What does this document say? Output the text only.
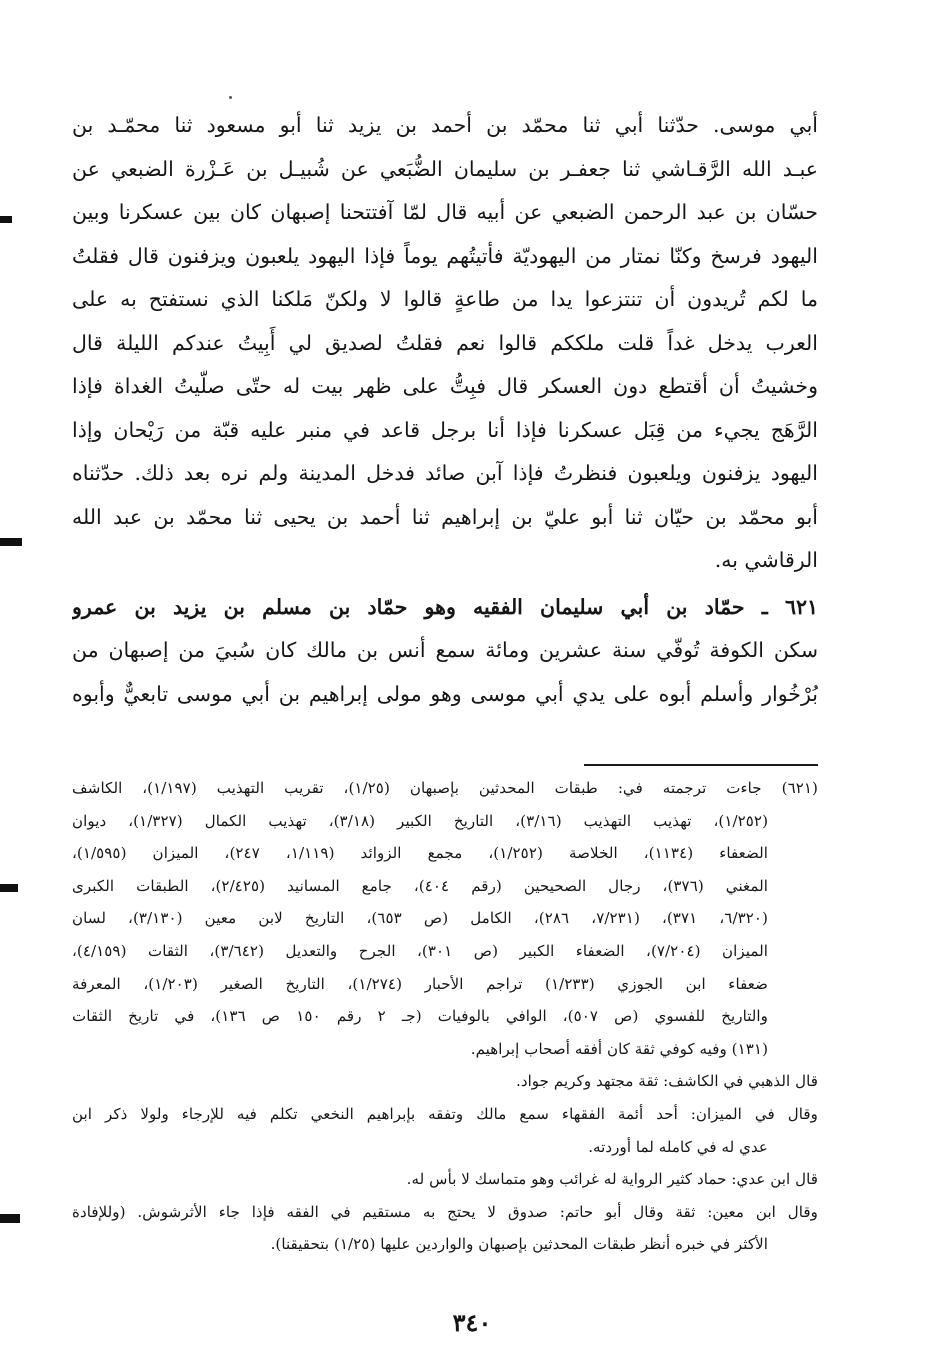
أبي موسى. حدّثنا أبي ثنا محمّد بن أحمد بن يزيد ثنا أبو مسعود ثنا محمّـد بن
عبـد الله الرَّقـاشي ثنا جعفـر بن سليمان الضُّبَعي عن شُبيـل بن عَـزْرة الضبعي عن
حسّان بن عبد الرحمن الضبعي عن أبيه قال لمّا آفتتحنا إصبهان كان بين عسكرنا وبين
اليهود فرسخ وكنّا نمتار من اليهوديّة فأتيتُهم يوماً فإذا اليهود يلعبون ويزفنون قال فقلتُ
ما لكم تُريدون أن تنتزعوا يدا من طاعةٍ قالوا لا ولكنّ مَلكنا الذي نستفتح به على
العرب يدخل غداً قلت ملككم قالوا نعم فقلتُ لصديق لي أَبِيتُ عندكم الليلة قال
وخشيتُ أن أقتطع دون العسكر قال فبِتُّ على ظهر بيت له حتّى صلّيتُ الغداة فإذا
الرَّهَج يجيء من قِبَل عسكرنا فإذا أنا برجل قاعد في منبر عليه قبّة من رَيْحان وإذا
اليهود يزفنون ويلعبون فنظرتُ فإذا آبن صائد فدخل المدينة ولم نره بعد ذلك. حدّثناه
أبو محمّد بن حيّان ثنا أبو عليّ بن إبراهيم ثنا أحمد بن يحيى ثنا محمّد بن عبد الله
الرقاشي به.
٦٢١ ـ حمّاد بن أبي سليمان الفقيه وهو حمّاد بن مسلم بن يزيد بن عمرو
سكن الكوفة تُوفّي سنة عشرين ومائة سمع أنس بن مالك كان سُبيَ من إصبهان من
بُرْخُوار وأسلم أبوه على يدي أبي موسى وهو مولى إبراهيم بن أبي موسى تابعيٌّ وأبوه
(٦٢١) جاءت ترجمته في: طبقات المحدثين بإصبهان (١/٢٥)، تقريب التهذيب (١/١٩٧)، الكاشف
(١/٢٥٢)، تهذيب التهذيب (٣/١٦)، التاريخ الكبير (٣/١٨)، تهذيب الكمال (١/٣٢٧)، ديوان
الضعفاء (١١٣٤)، الخلاصة (١/٢٥٢)، مجمع الزوائد (١/١١٩، ٢٤٧)، الميزان (١/٥٩٥)،
المغني (٣٧٦)، رجال الصحيحين (رقم ٤٠٤)، جامع المسانيد (٢/٤٢٥)، الطبقات الكبرى
(٦/٣٢٠، ٣٧١)، (٧/٢٣١، ٢٨٦)، الكامل (ص ٦٥٣)، التاريخ لابن معين (٣/١٣٠)، لسان
الميزان (٧/٢٠٤)، الضعفاء الكبير (ص ٣٠١)، الجرح والتعديل (٣/٦٤٢)، الثقات (٤/١٥٩)،
ضعفاء ابن الجوزي (١/٢٣٣) تراجم الأحبار (١/٢٧٤)، التاريخ الصغير (١/٢٠٣)، المعرفة
والتاريخ للفسوي (ص ٥٠٧)، الوافي بالوفيات (جـ ٢ رقم ١٥٠ ص ١٣٦)، في تاريخ الثقات
(١٣١) وفيه كوفي ثقة كان أفقه أصحاب إبراهيم.
قال الذهبي في الكاشف: ثقة مجتهد وكريم جواد.
وقال في الميزان: أحد أئمة الفقهاء سمع مالك وتفقه بإبراهيم النخعي تكلم فيه للإرجاء ولولا ذكر ابن
عدي له في كامله لما أوردته.
قال ابن عدي: حماد كثير الرواية له غرائب وهو متماسك لا بأس له.
وقال ابن معين: ثقة وقال أبو حاتم: صدوق لا يحتج به مستقيم في الفقه فإذا جاء الأثرشوش. (وللإفادة
الأكثر في خبره أنظر طبقات المحدثين بإصبهان والواردين عليها (١/٢٥) بتحقيقنا).
٣٤٠
